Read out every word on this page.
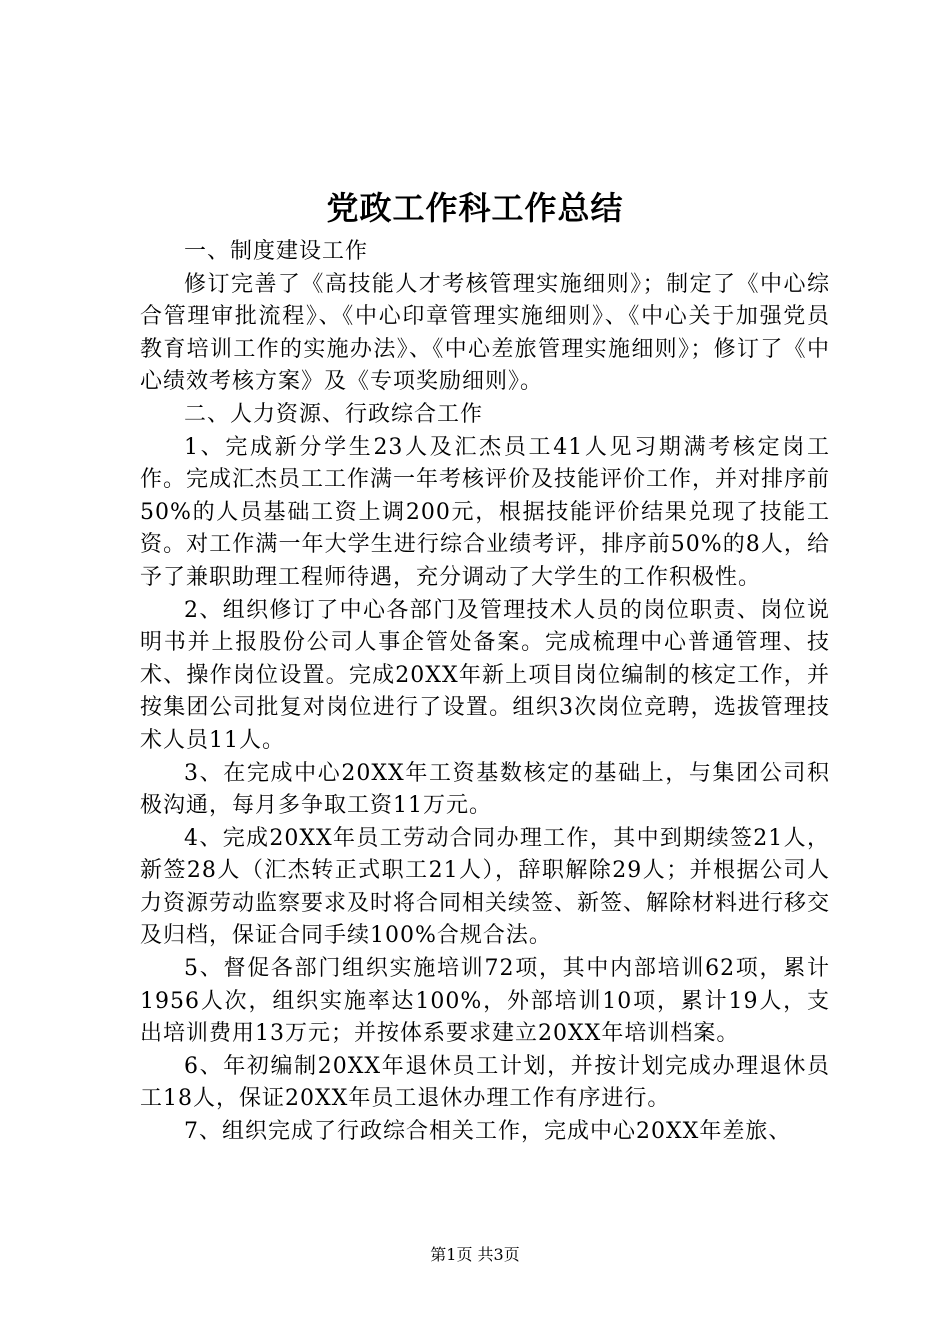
党政工作科工作总结

一、制度建设工作

修订完善了《高技能人才考核管理实施细则》；制定了《中心综合管理审批流程》、《中心印章管理实施细则》、《中心关于加强党员教育培训工作的实施办法》、《中心差旅管理实施细则》；修订了《中心绩效考核方案》及《专项奖励细则》。

二、人力资源、行政综合工作

1、完成新分学生23人及汇杰员工41人见习期满考核定岗工作。完成汇杰员工工作满一年考核评价及技能评价工作，并对排序前50%的人员基础工资上调200元，根据技能评价结果兑现了技能工资。对工作满一年大学生进行综合业绩考评，排序前50%的8人，给予了兼职助理工程师待遇，充分调动了大学生的工作积极性。

2、组织修订了中心各部门及管理技术人员的岗位职责、岗位说明书并上报股份公司人事企管处备案。完成梳理中心普通管理、技术、操作岗位设置。完成20XX年新上项目岗位编制的核定工作，并按集团公司批复对岗位进行了设置。组织3次岗位竞聘，选拔管理技术人员11人。

3、在完成中心20XX年工资基数核定的基础上，与集团公司积极沟通，每月多争取工资11万元。

4、完成20XX年员工劳动合同办理工作，其中到期续签21人，新签28人（汇杰转正式职工21人），辞职解除29人；并根据公司人力资源劳动监察要求及时将合同相关续签、新签、解除材料进行移交及归档，保证合同手续100%合规合法。

5、督促各部门组织实施培训72项，其中内部培训62项，累计1956人次，组织实施率达100%，外部培训10项，累计19人，支出培训费用13万元；并按体系要求建立20XX年培训档案。

6、年初编制20XX年退休员工计划，并按计划完成办理退休员工18人，保证20XX年员工退休办理工作有序进行。

7、组织完成了行政综合相关工作，完成中心20XX年差旅、

第1页 共3页
